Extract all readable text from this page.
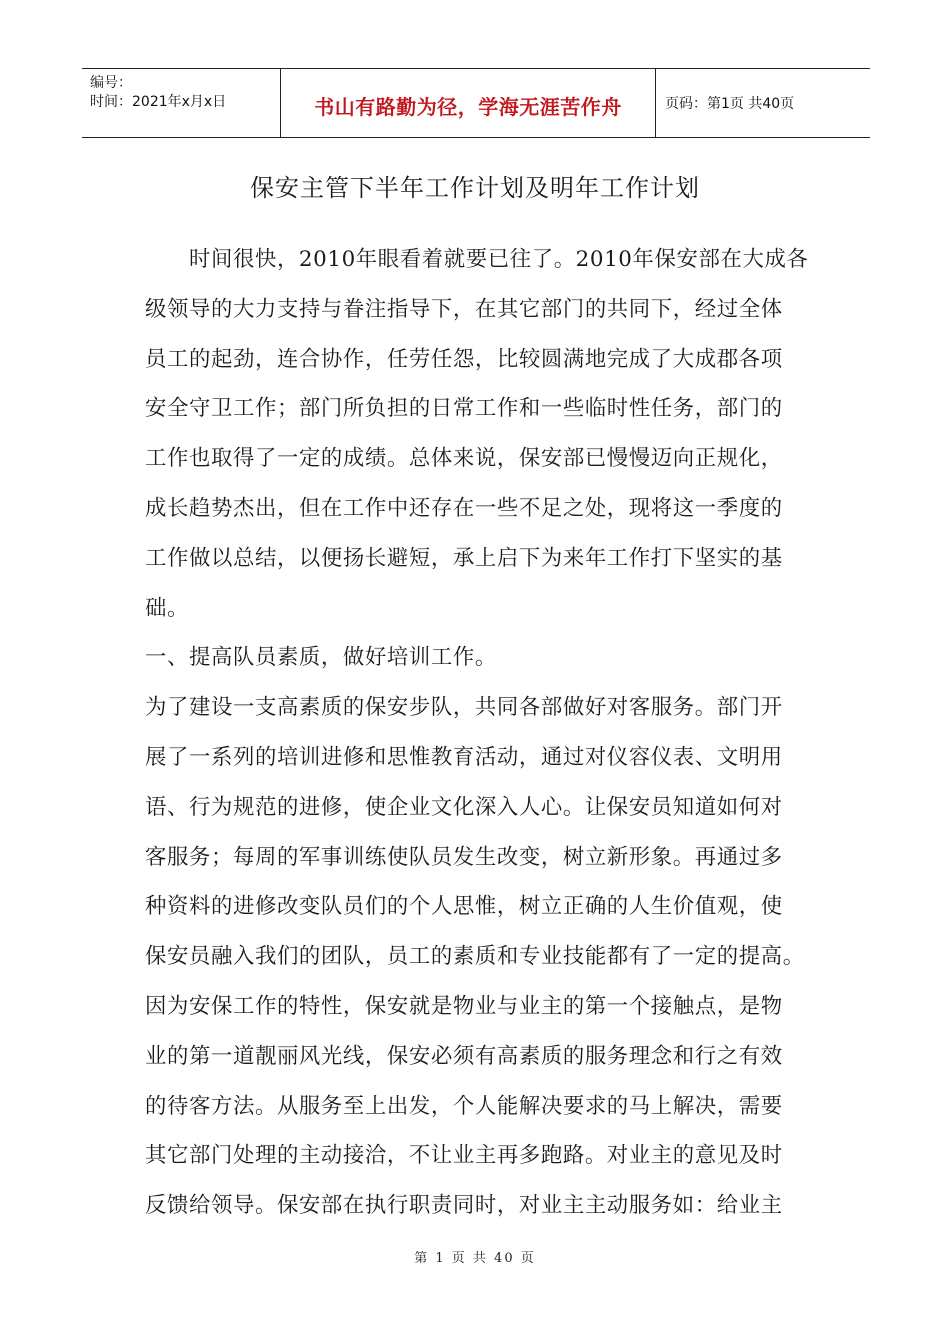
编号：
时间：2021年x月x日	书山有路勤为径，学海无涯苦作舟	页码：第1页 共40页
保安主管下半年工作计划及明年工作计划
　　时间很快，2010年眼看着就要已往了。2010年保安部在大成各
级领导的大力支持与眷注指导下，在其它部门的共同下，经过全体
员工的起劲，连合协作，任劳任怨，比较圆满地完成了大成郡各项
安全守卫工作；部门所负担的日常工作和一些临时性任务，部门的
工作也取得了一定的成绩。总体来说，保安部已慢慢迈向正规化，
成长趋势杰出，但在工作中还存在一些不足之处，现将这一季度的
工作做以总结，以便扬长避短，承上启下为来年工作打下坚实的基
础。
一、提高队员素质，做好培训工作。
为了建设一支高素质的保安步队，共同各部做好对客服务。部门开
展了一系列的培训进修和思惟教育活动，通过对仪容仪表、文明用
语、行为规范的进修，使企业文化深入人心。让保安员知道如何对
客服务；每周的军事训练使队员发生改变，树立新形象。再通过多
种资料的进修改变队员们的个人思惟，树立正确的人生价值观，使
保安员融入我们的团队，员工的素质和专业技能都有了一定的提高。
因为安保工作的特性，保安就是物业与业主的第一个接触点，是物
业的第一道靓丽风光线，保安必须有高素质的服务理念和行之有效
的待客方法。从服务至上出发，个人能解决要求的马上解决，需要
其它部门处理的主动接洽，不让业主再多跑路。对业主的意见及时
反馈给领导。保安部在执行职责同时，对业主主动服务如：给业主
第 1 页 共 40 页
